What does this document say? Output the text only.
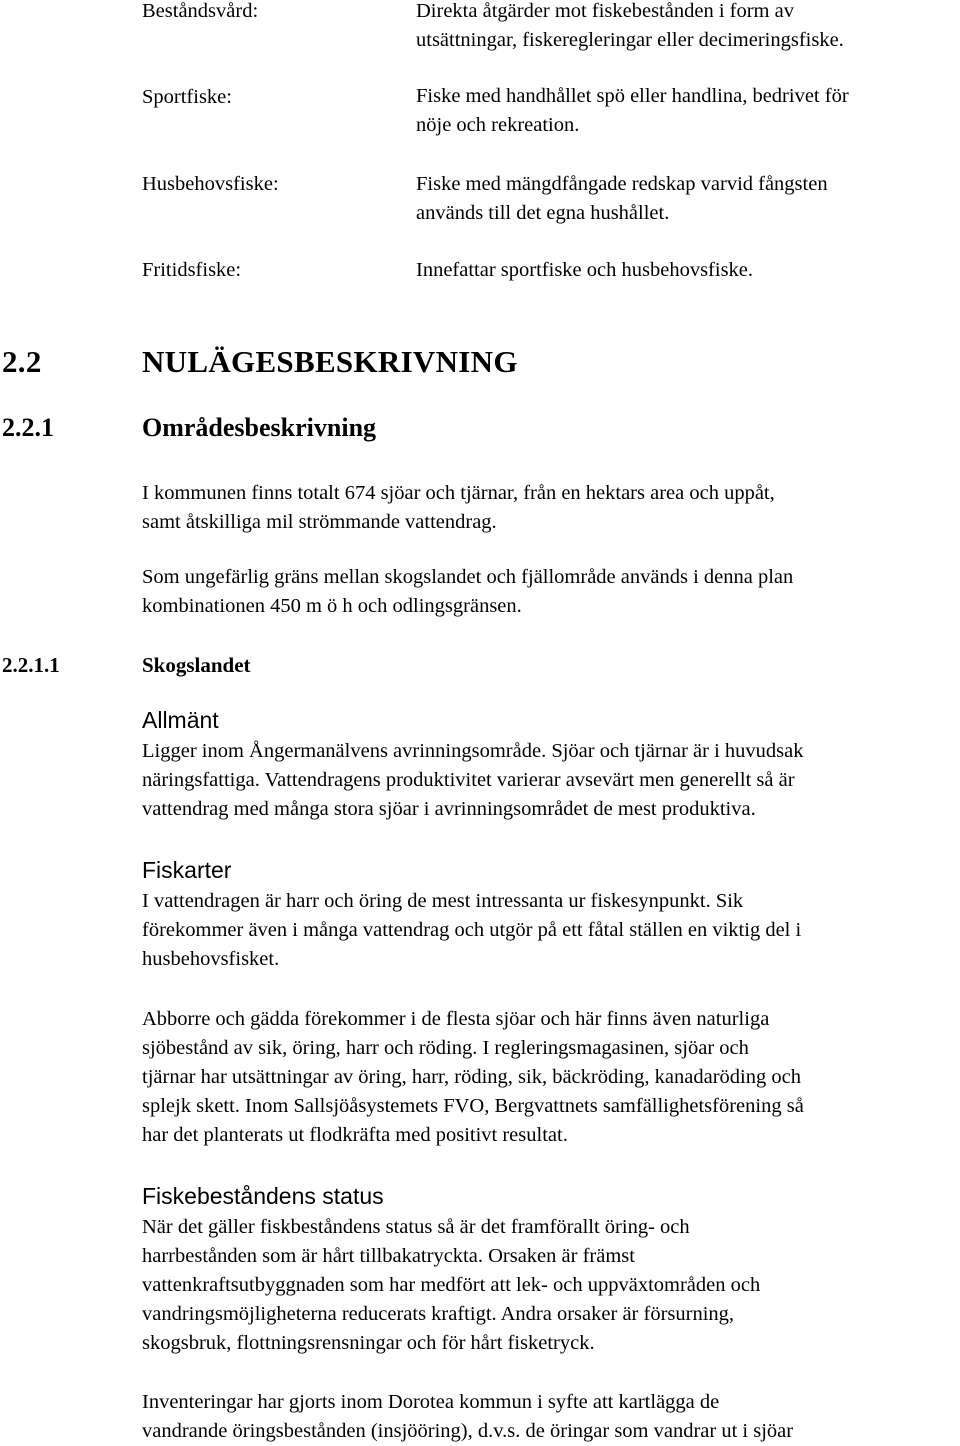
Beståndsvård:	Direkta åtgärder mot fiskebestånden i form av
utsättningar, fiskeregleringar eller decimeringsfiske.
Sportfiske:	Fiske med handhållet spö eller handlina, bedrivet för
nöje och rekreation.
Husbehovsfiske:	Fiske med mängdfångade redskap varvid fångsten
används till det egna hushållet.
Fritidsfiske:	Innefattar sportfiske och husbehovsfiske.
2.2	NULÄGESBESKRIVNING
2.2.1	Områdesbeskrivning
I kommunen finns totalt 674 sjöar och tjärnar, från en hektars area och uppåt,
samt åtskilliga mil strömmande vattendrag.
Som ungefärlig gräns mellan skogslandet och fjällområde används i denna plan
kombinationen 450 m ö h och odlingsgränsen.
2.2.1.1	Skogslandet
Allmänt
Ligger inom Ångermanälvens avrinningsområde. Sjöar och tjärnar är i huvudsak
näringsfattiga. Vattendragens produktivitet varierar avsevärt men generellt så är
vattendrag med många stora sjöar i avrinningsområdet de mest produktiva.
Fiskarter
I vattendragen är harr och öring de mest intressanta ur fiskesynpunkt. Sik
förekommer även i många vattendrag och utgör på ett fåtal ställen en viktig del i
husbehovsfisket.
Abborre och gädda förekommer i de flesta sjöar och här finns även naturliga
sjöbestånd av sik, öring, harr och röding. I regleringsmagasinen, sjöar och
tjärnar har utsättningar av öring, harr, röding, sik, bäckröding, kanadaröding och
splejk skett. Inom Sallsjöåsystemets FVO, Bergvattnets samfällighetsförening så
har det planterats ut flodkräfta med positivt resultat.
Fiskebeståndens status
När det gäller fiskbeståndens status så är det framförallt öring- och
harrbestånden som är hårt tillbakatryckta. Orsaken är främst
vattenkraftsutbyggnaden som har medfört att lek- och uppväxtområden och
vandringsmöjligheterna reducerats kraftigt. Andra orsaker är försurning,
skogsbruk, flottningsrensningar och för hårt fisketryck.
Inventeringar har gjorts inom Dorotea kommun i syfte att kartlägga de
vandrande öringsbestånden (insjööring), d.v.s. de öringar som vandrar ut i sjöar
